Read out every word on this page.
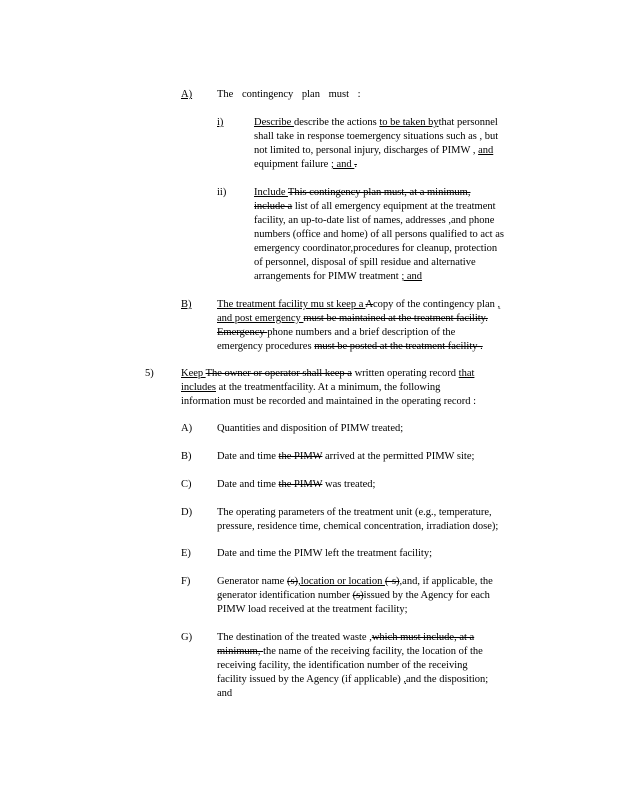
A) The contingency plan must :
i)	Describe describe the actions to be taken bythat personnel
shall take in response toemergency situations such as , but
not limited to, personal injury, discharges of PIMW , and
equipment failure ; and .
ii)	Include This contingency plan must, at a minimum,
include a list of all emergency equipment at the treatment
facility, an up-to-date list of names, addresses ,and phone
numbers (office and home) of all persons qualified to act as
emergency coordinator,procedures for cleanup, protection
of personnel, disposal of spill residue and alternative
arrangements for PIMW treatment ; and
B) The treatment facility mu st keep a Acopy of the contingency plan ,
and post emergency must be maintained at the treatment facility.
Emergency phone numbers and a brief description of the
emergency procedures must be posted at the treatment facility .
5)	Keep The owner or operator shall keep a written operating record that
includes at the treatmentfacility. At a minimum, the following
information must be recorded and maintained in the operating record :
A) Quantities and disposition of PIMW treated;
B) Date and time the PIMW arrived at the permitted PIMW site;
C) Date and time the PIMW was treated;
D) The operating parameters of the treatment unit (e.g., temperature,
pressure, residence time, chemical concentration, irradiation dose);
E) Date and time the PIMW left the treatment facility;
F)	Generator name (s),location or location (-s),and, if applicable, the
generator identification number (s)issued by the Agency for each
PIMW load received at the treatment facility;
G) The destination of the treated waste ,which must include, at a
minimum, the name of the receiving facility, the location of the
receiving facility, the identification number of the receiving
facility issued by the Agency (if applicable) ,and the disposition;
and
